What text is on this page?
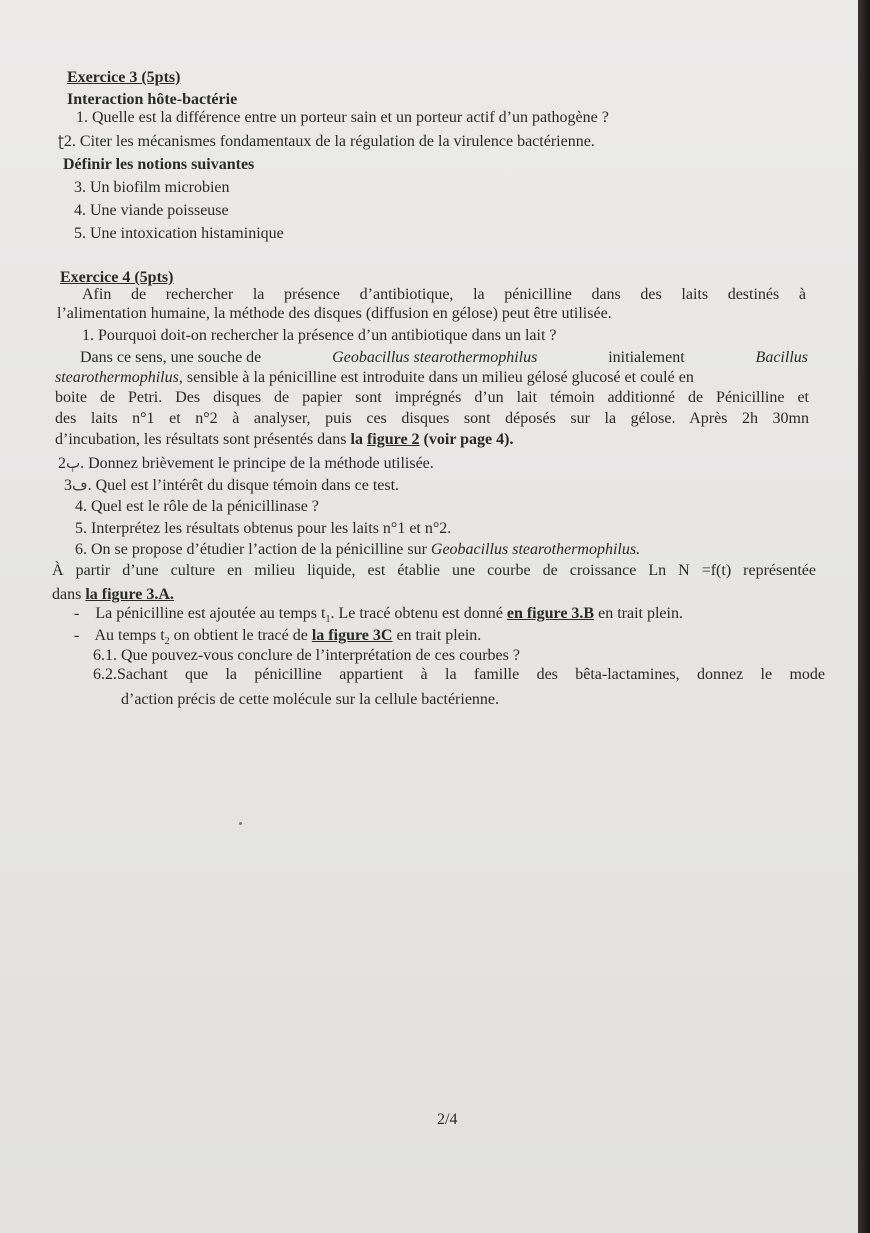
Exercice 3 (5pts)
Interaction hôte-bactérie
1. Quelle est la différence entre un porteur sain et un porteur actif d’un pathogène ?
ʈ2. Citer les mécanismes fondamentaux de la régulation de la virulence bactérienne.
Définir les notions suivantes
3. Un biofilm microbien
4. Une viande poisseuse
5. Une intoxication histaminique
Exercice 4 (5pts)
Afin de rechercher la présence d’antibiotique, la pénicilline dans des laits destinés à
l’alimentation humaine, la méthode des disques (diffusion en gélose) peut être utilisée.
1. Pourquoi doit-on rechercher la présence d’un antibiotique dans un lait ?
Dans ce sens, une souche de	Geobacillus stearothermophilus	initialement	Bacillus
stearothermophilus, sensible à la pénicilline est introduite dans un milieu gélosé glucosé et coulé en
boite de Petri. Des disques de papier sont imprégnés d’un lait témoin additionné de Pénicilline et
des laits n°1 et n°2 à analyser, puis ces disques sont déposés sur la gélose. Après 2h 30mn
d’incubation, les résultats sont présentés dans la figure 2 (voir page 4).
ٻ2. Donnez brièvement le principe de la méthode utilisée.
ڡ3. Quel est l’intérêt du disque témoin dans ce test.
4. Quel est le rôle de la pénicillinase ?
5. Interprétez les résultats obtenus pour les laits n°1 et n°2.
6. On se propose d’étudier l’action de la pénicilline sur Geobacillus stearothermophilus.
À partir d’une culture en milieu liquide, est établie une courbe de croissance Ln N =f(t) représentée
dans la figure 3.A.
- La pénicilline est ajoutée au temps $t_1$. Le tracé obtenu est donné en figure 3.B en trait plein.
- Au temps $t_2$ on obtient le tracé de la figure 3C en trait plein.
6.1. Que pouvez-vous conclure de l’interprétation de ces courbes ?
6.2.Sachant que la pénicilline appartient à la famille des bêta-lactamines, donnez le mode
d’action précis de cette molécule sur la cellule bactérienne.
2/4
